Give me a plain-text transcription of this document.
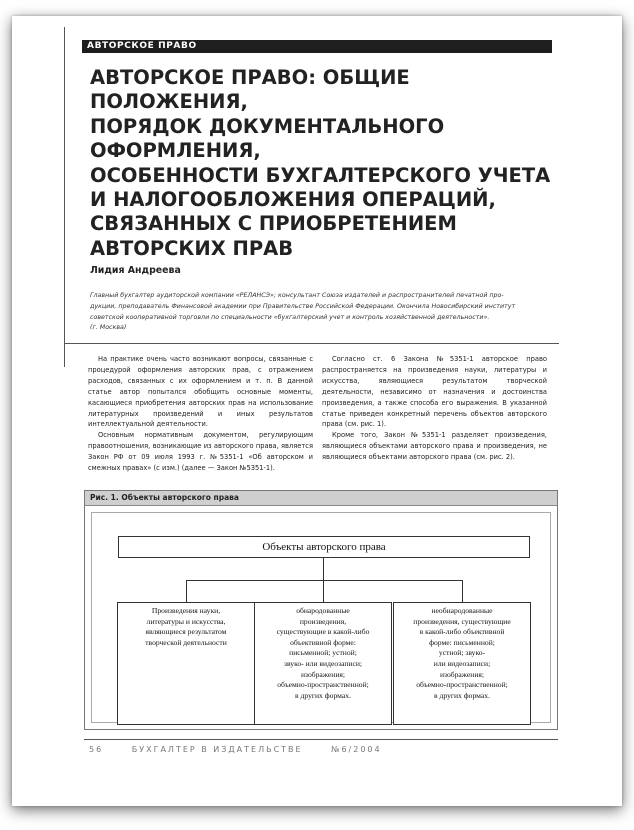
АВТОРСКОЕ ПРАВО
АВТОРСКОЕ ПРАВО: ОБЩИЕ ПОЛОЖЕНИЯ,
ПОРЯДОК ДОКУМЕНТАЛЬНОГО ОФОРМЛЕНИЯ,
ОСОБЕННОСТИ БУХГАЛТЕРСКОГО УЧЕТА
И НАЛОГООБЛОЖЕНИЯ ОПЕРАЦИЙ,
СВЯЗАННЫХ С ПРИОБРЕТЕНИЕМ
АВТОРСКИХ ПРАВ
Лидия Андреева
Главный бухгалтер аудиторской компании «РЕЛАНСЭ»; консультант Союза издателей и распространителей печатной про-
дукции, преподаватель Финансовой академии при Правительстве Российской Федерации. Окончила Новосибирский институт
советской кооперативной торговли по специальности «бухгалтерский учет и контроль хозяйственной деятельности».
(г. Москва)

На практике очень часто возникают вопросы, связанные с процедурой оформления авторских прав, с отражением расходов, связанных с их оформлением и т. п. В данной статье автор попытался обобщить основные моменты, касающиеся приобретения авторских прав на использование литературных произведений и иных результатов интеллектуальной деятельности.

Основным нормативным документом, регулирующим правоотношения, возникающие из авторского права, является Закон РФ от 09 июля 1993 г. №5351-1 «Об авторском и смежных правах» (с изм.) (далее — Закон №5351-1).

Согласно ст. 6 Закона №5351-1 авторское право распространяется на произведения науки, литературы и искусства, являющиеся результатом творческой деятельности, независимо от назначения и достоинства произведения, а также способа его выражения. В указанной статье приведен конкретный перечень объектов авторского права (см. рис. 1).

Кроме того, Закон №5351-1 разделяет произведения, являющиеся объектами авторского права и произведения, не являющиеся объектами авторского права (см. рис. 2).

Рис. 1. Объекты авторского права
Объекты авторского права
Произведения науки,
литературы и искусства,
являющиеся результатом
творческой деятельности
обнародованные
произведения,
существующие в какой-либо
объективной форме:
письменной; устной;
звуко- или видеозаписи;
изображения;
объемно-пространственной;
в других формах.
необнародованные
произведения, существующие
в какой-либо объективной
форме: письменной;
устной; звуко-
или видеозаписи;
изображения;
объемно-пространственной;
в других формах.
56	БУХГАЛТЕР В ИЗДАТЕЛЬСТВЕ	№6/2004
